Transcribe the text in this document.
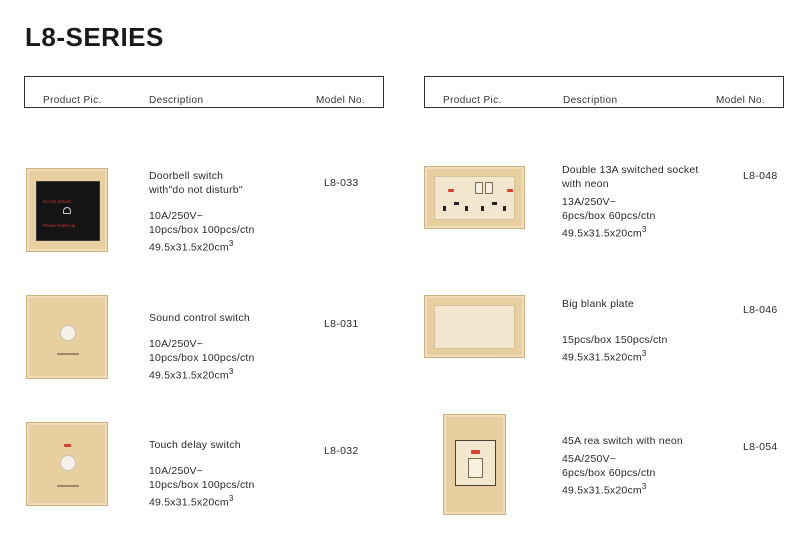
L8-SERIES
Product Pic.	Description	Model No.	Product Pic.	Description	Model No.
Do not disturb
Please make up
Doorbell switch
with"do not disturb"
10A/250V~
10pcs/box 100pcs/ctn
$49.5x31.5x20cm^3$
L8-033
Sound control switch
10A/250V~
10pcs/box 100pcs/ctn
$49.5x31.5x20cm^3$
L8-031
Touch delay switch
10A/250V~
10pcs/box 100pcs/ctn
$49.5x31.5x20cm^3$
L8-032
Double 13A switched socket
with neon
13A/250V~
6pcs/box 60pcs/ctn
$49.5x31.5x20cm^3$
L8-048
Big blank plate
15pcs/box 150pcs/ctn
$49.5x31.5x20cm^3$
L8-046
45A rea switch with neon
45A/250V~
6pcs/box 60pcs/ctn
$49.5x31.5x20cm^3$
L8-054
